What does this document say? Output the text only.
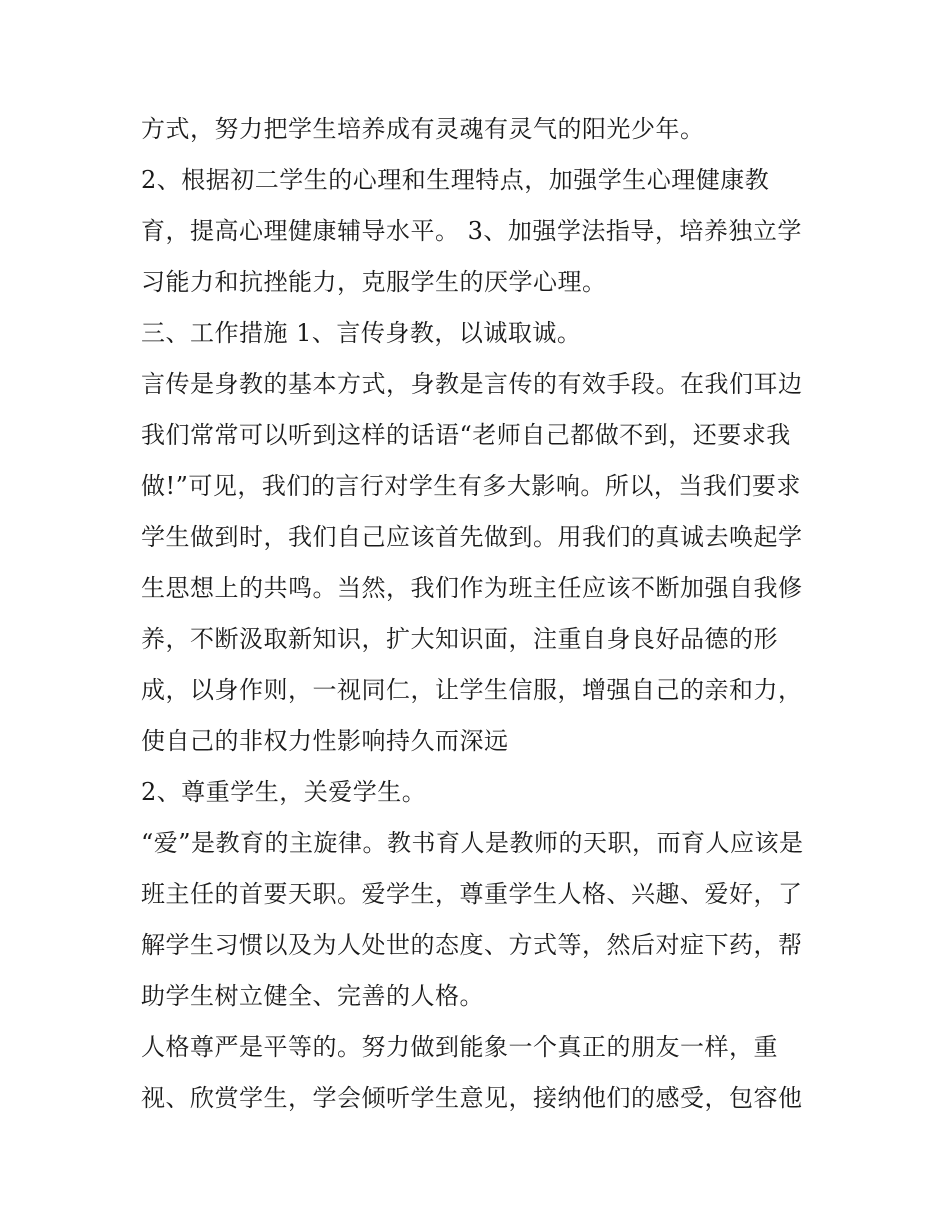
方式，努力把学生培养成有灵魂有灵气的阳光少年。
2、根据初二学生的心理和生理特点，加强学生心理健康教
育，提高心理健康辅导水平。 3、加强学法指导，培养独立学
习能力和抗挫能力，克服学生的厌学心理。
三、工作措施 1、言传身教，以诚取诚。
言传是身教的基本方式，身教是言传的有效手段。在我们耳边
我们常常可以听到这样的话语“老师自己都做不到，还要求我
做!”可见，我们的言行对学生有多大影响。所以，当我们要求
学生做到时，我们自己应该首先做到。用我们的真诚去唤起学
生思想上的共鸣。当然，我们作为班主任应该不断加强自我修
养，不断汲取新知识，扩大知识面，注重自身良好品德的形
成，以身作则，一视同仁，让学生信服，增强自己的亲和力，
使自己的非权力性影响持久而深远
2、尊重学生，关爱学生。
“爱”是教育的主旋律。教书育人是教师的天职，而育人应该是
班主任的首要天职。爱学生，尊重学生人格、兴趣、爱好，了
解学生习惯以及为人处世的态度、方式等，然后对症下药，帮
助学生树立健全、完善的人格。
人格尊严是平等的。努力做到能象一个真正的朋友一样，重
视、欣赏学生，学会倾听学生意见，接纳他们的感受，包容他
